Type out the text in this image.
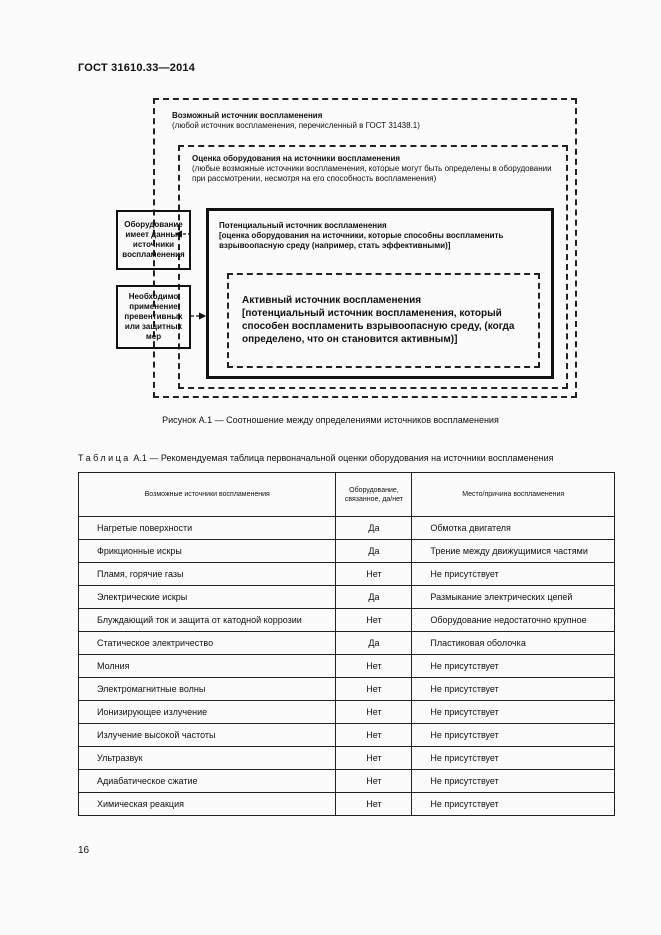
ГОСТ 31610.33—2014
Возможный источник воспламенения
(любой источник воспламенения, перечисленный в ГОСТ 31438.1)
Оценка оборудования на источники воспламенения
(любые возможные источники воспламенения, которые могут быть определены в оборудовании при рассмотрении, несмотря на его способность воспламенения)
Потенциальный источник воспламенения
[оценка оборудования на источники, которые способны воспламенить взрывоопасную среду (например, стать эффективными)]
Активный источник воспламенения
[потенциальный источник воспламенения, который способен воспламенить взрывоопасную среду, (когда определено, что он становится активным)]
Оборудование имеет данные источники воспламенения
Необходимо применение превентивных или защитных мер
Рисунок А.1 — Соотношение между определениями источников воспламенения
Таблица А.1 — Рекомендуемая таблица первоначальной оценки оборудования на источники воспламенения
Возможные источники воспламенения	Оборудование, связанное, да/нет	Место/причина воспламенения
Нагретые поверхности	Да	Обмотка двигателя
Фрикционные искры	Да	Трение между движущимися частями
Пламя, горячие газы	Нет	Не присутствует
Электрические искры	Да	Размыкание электрических цепей
Блуждающий ток и защита от катодной коррозии	Нет	Оборудование недостаточно крупное
Статическое электричество	Да	Пластиковая оболочка
Молния	Нет	Не присутствует
Электромагнитные волны	Нет	Не присутствует
Ионизирующее излучение	Нет	Не присутствует
Излучение высокой частоты	Нет	Не присутствует
Ультразвук	Нет	Не присутствует
Адиабатическое сжатие	Нет	Не присутствует
Химическая реакция	Нет	Не присутствует
16
